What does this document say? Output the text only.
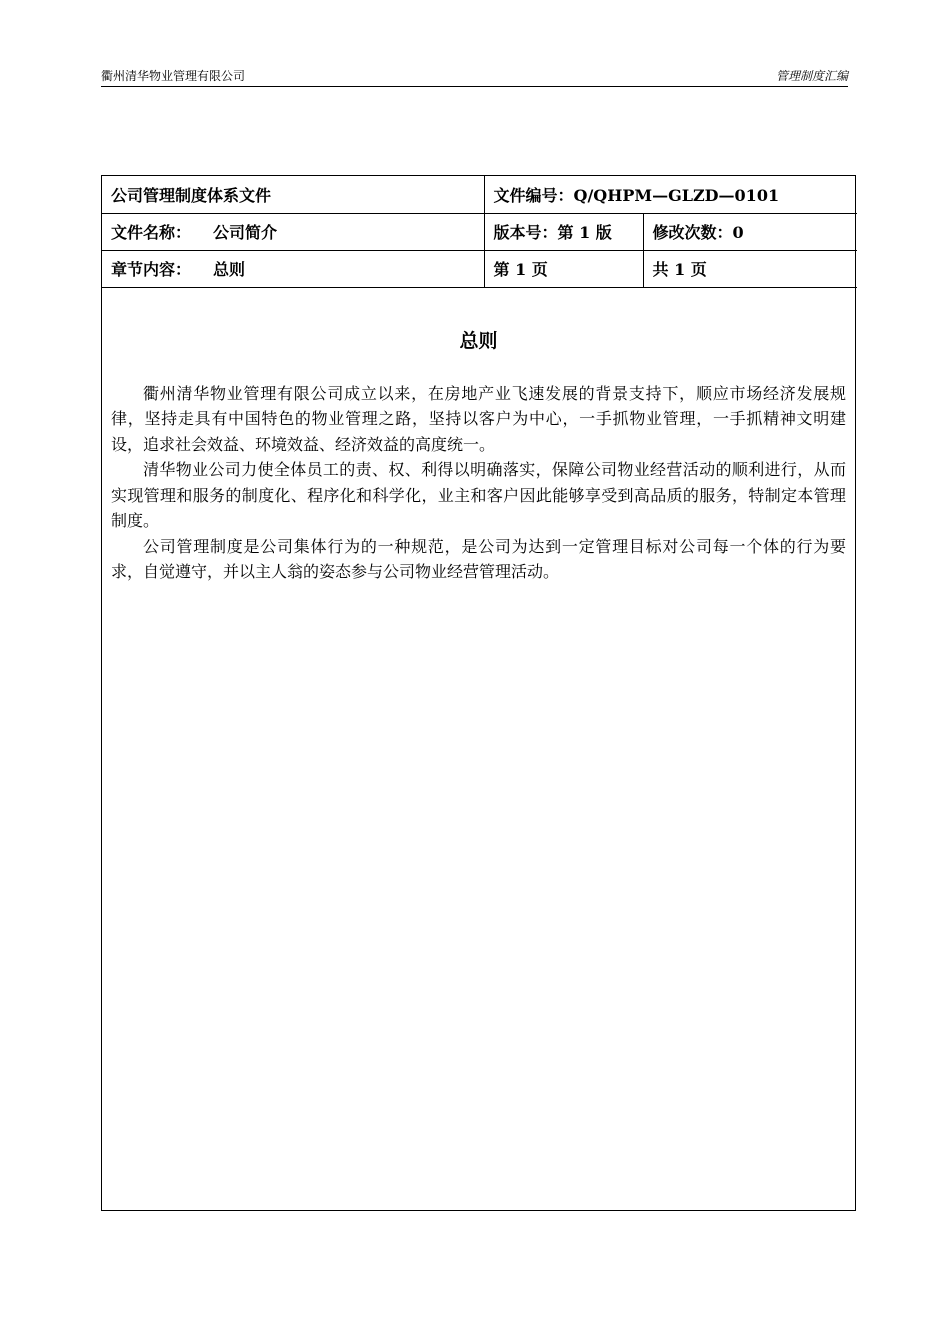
衢州清华物业管理有限公司	管理制度汇编
公司管理制度体系文件	文件编号：Q/QHPM—GLZD—0101	
文件名称： 公司简介	版本号：第 1 版	修改次数：0
章节内容： 总则	第 1 页	共 1 页
总则

衢州清华物业管理有限公司成立以来，在房地产业飞速发展的背景支持下，顺应市场经济发展规律，坚持走具有中国特色的物业管理之路，坚持以客户为中心，一手抓物业管理，一手抓精神文明建设，追求社会效益、环境效益、经济效益的高度统一。

清华物业公司力使全体员工的责、权、利得以明确落实，保障公司物业经营活动的顺利进行，从而实现管理和服务的制度化、程序化和科学化，业主和客户因此能够享受到高品质的服务，特制定本管理制度。

公司管理制度是公司集体行为的一种规范，是公司为达到一定管理目标对公司每一个体的行为要求，自觉遵守，并以主人翁的姿态参与公司物业经营管理活动。
